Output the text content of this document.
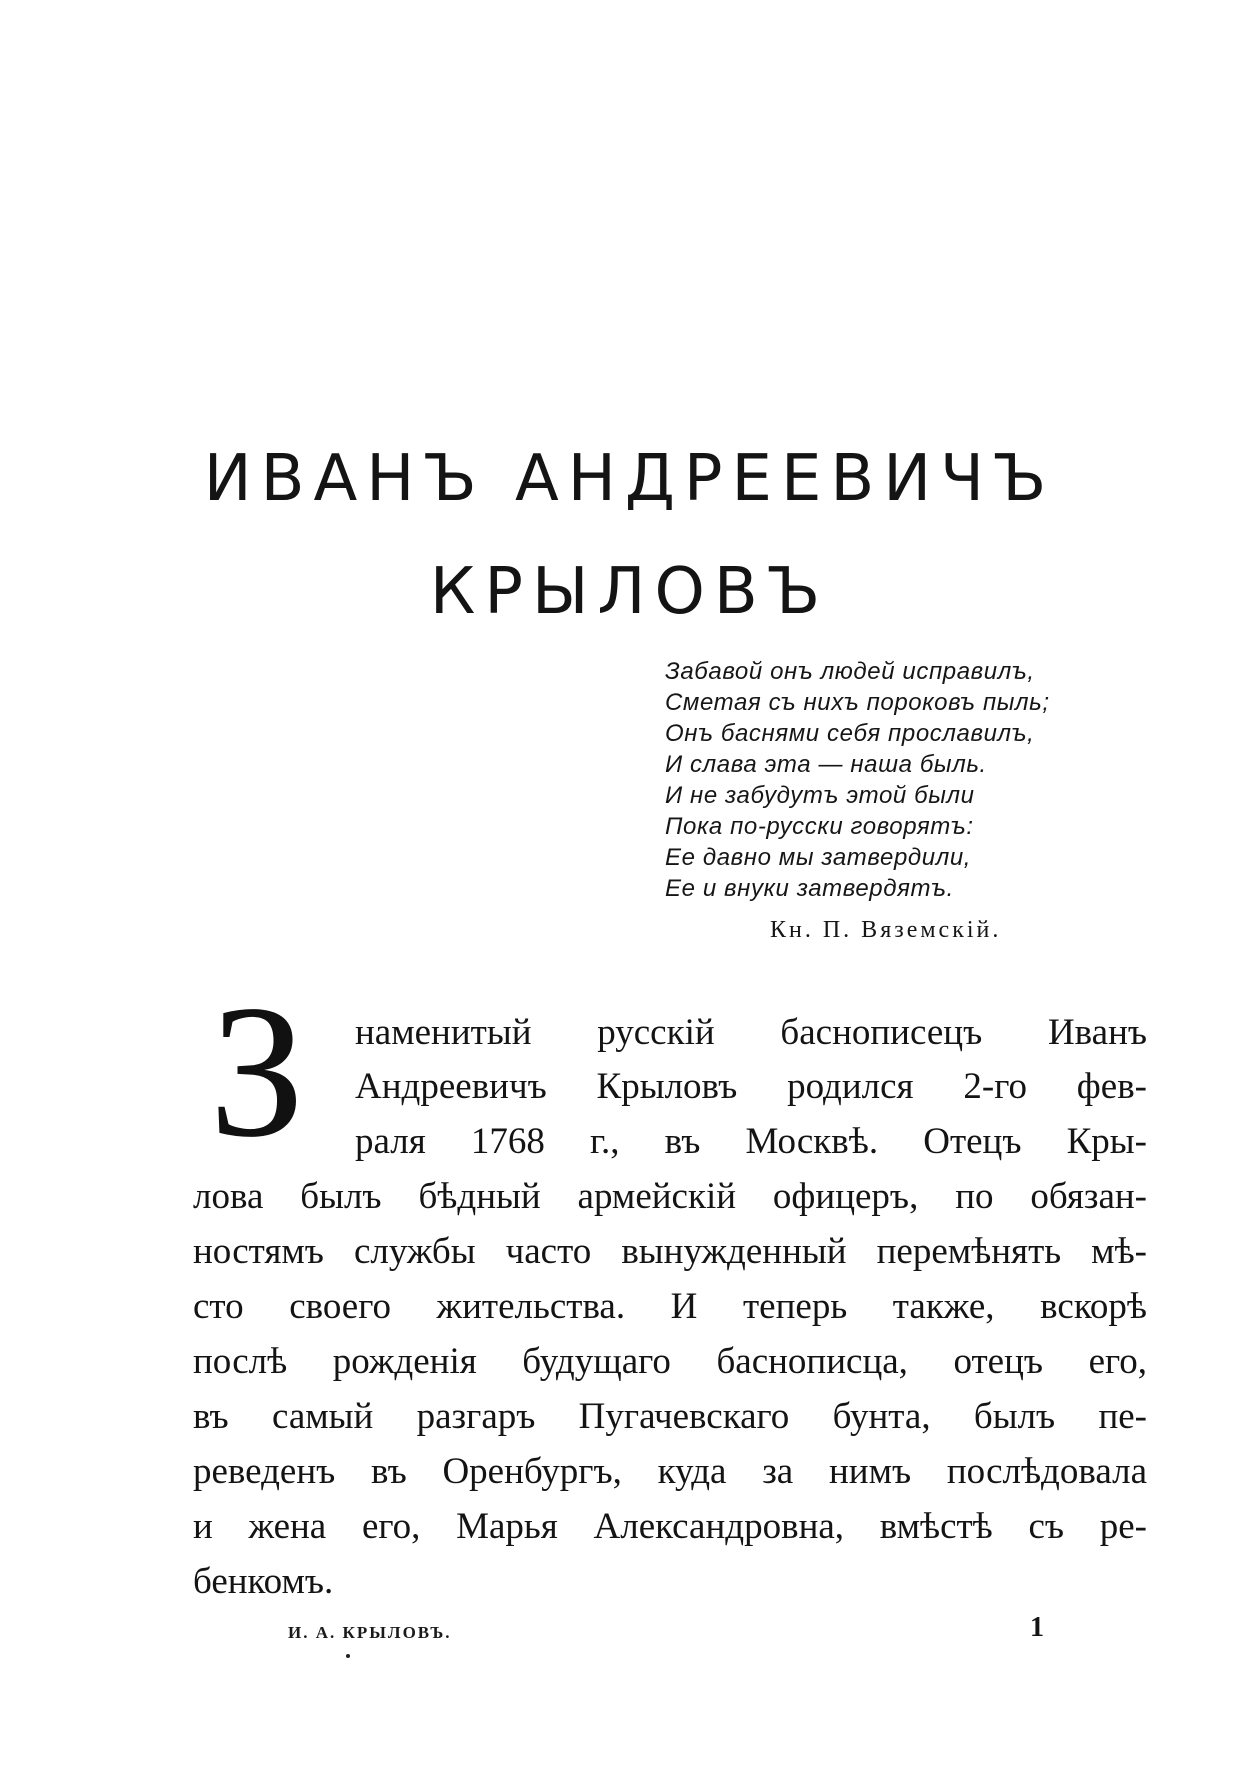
ИВАНЪ АНДРЕЕВИЧЪ
КРЫЛОВЪ
Забавой онъ людей исправилъ,
Сметая съ нихъ пороковъ пыль;
Онъ баснями себя прославилъ,
И слава эта — наша быль.
И не забудутъ этой были
Пока по-русски говорятъ:
Ее давно мы затвердили,
Ее и внуки затвердятъ.
Кн. П. Вяземскій.
З наменитый русскій баснописецъ Иванъ
Андреевичъ Крыловъ родился 2-го фев-
раля 1768 г., въ Москвѣ. Отецъ Кры-
лова былъ бѣдный армейскій офицеръ, по обязан-
ностямъ службы часто вынужденный перемѣнять мѣ-
сто своего жительства. И теперь также, вскорѣ
послѣ рожденія будущаго баснописца, отецъ его,
въ самый разгаръ Пугачевскаго бунта, былъ пе-
реведенъ въ Оренбургъ, куда за нимъ послѣдовала
и жена его, Марья Александровна, вмѣстѣ съ ре-
бенкомъ.
И. А. КРЫЛОВЪ.	1
